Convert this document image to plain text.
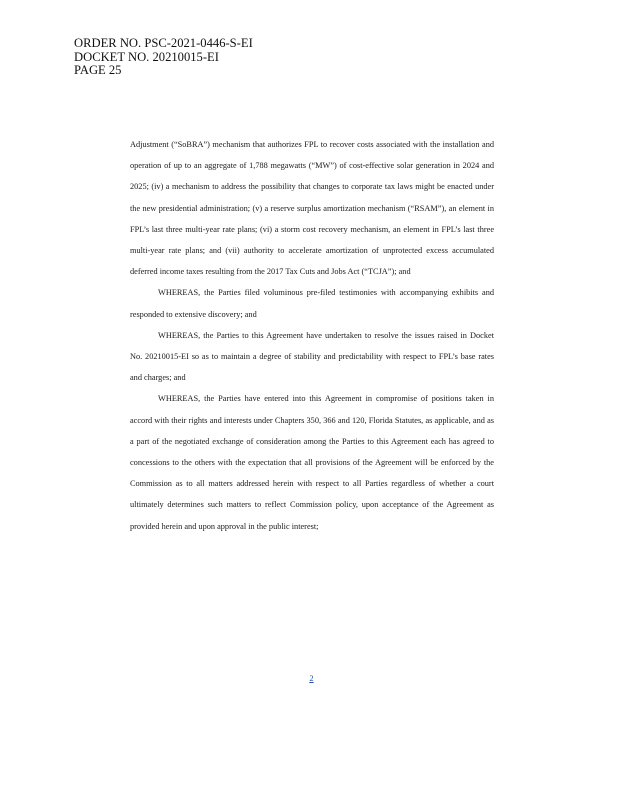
ORDER NO. PSC-2021-0446-S-EI
DOCKET NO. 20210015-EI
PAGE 25

Adjustment (“SoBRA”) mechanism that authorizes FPL to recover costs associated with the installation and operation of up to an aggregate of 1,788 megawatts (“MW”) of cost-effective solar generation in 2024 and 2025; (iv) a mechanism to address the possibility that changes to corporate tax laws might be enacted under the new presidential administration; (v) a reserve surplus amortization mechanism (“RSAM”), an element in FPL’s last three multi-year rate plans; (vi) a storm cost recovery mechanism, an element in FPL’s last three multi-year rate plans; and (vii) authority to accelerate amortization of unprotected excess accumulated deferred income taxes resulting from the 2017 Tax Cuts and Jobs Act (“TCJA”); and

WHEREAS, the Parties filed voluminous pre-filed testimonies with accompanying exhibits and responded to extensive discovery; and

WHEREAS, the Parties to this Agreement have undertaken to resolve the issues raised in Docket No. 20210015-EI so as to maintain a degree of stability and predictability with respect to FPL’s base rates and charges; and

WHEREAS, the Parties have entered into this Agreement in compromise of positions taken in accord with their rights and interests under Chapters 350, 366 and 120, Florida Statutes, as applicable, and as a part of the negotiated exchange of consideration among the Parties to this Agreement each has agreed to concessions to the others with the expectation that all provisions of the Agreement will be enforced by the Commission as to all matters addressed herein with respect to all Parties regardless of whether a court ultimately determines such matters to reflect Commission policy, upon acceptance of the Agreement as provided herein and upon approval in the public interest;

2
